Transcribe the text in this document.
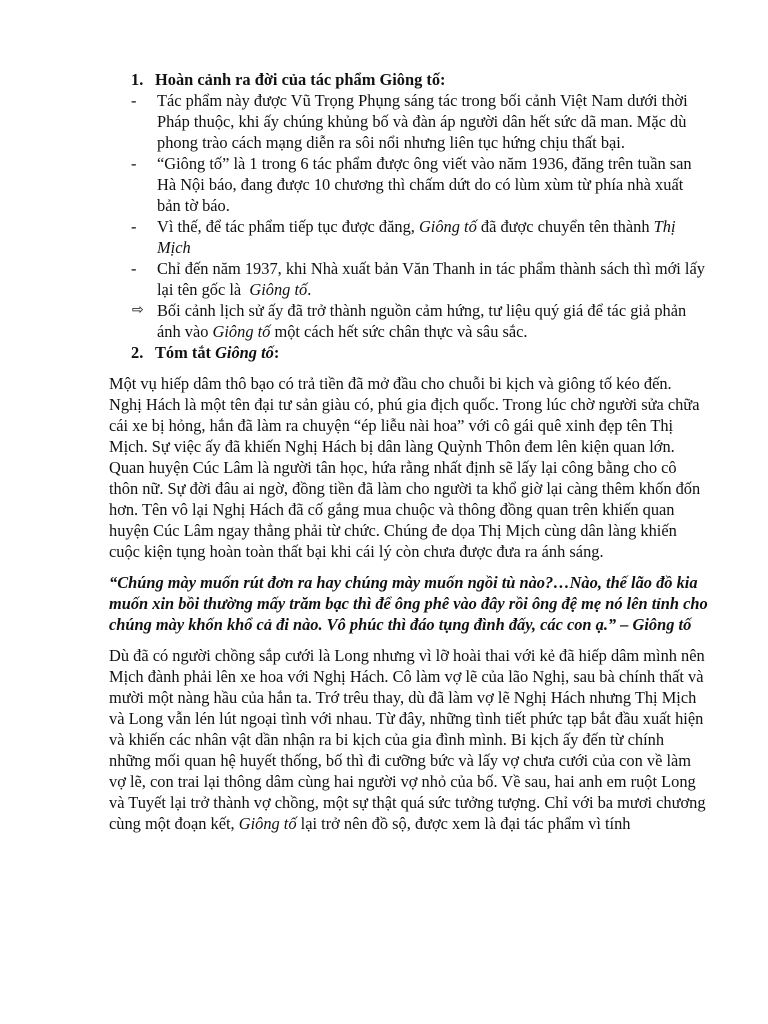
1. Hoàn cảnh ra đời của tác phẩm Giông tố:

-	Tác phẩm này được Vũ Trọng Phụng sáng tác trong bối cảnh Việt Nam dưới thời Pháp thuộc, khi ấy chúng khủng bố và đàn áp người dân hết sức dã man. Mặc dù phong trào cách mạng diễn ra sôi nổi nhưng liên tục hứng chịu thất bại.
-	“Giông tố” là 1 trong 6 tác phẩm được ông viết vào năm 1936, đăng trên tuần san Hà Nội báo, đang được 10 chương thì chấm dứt do có lùm xùm từ phía nhà xuất bản tờ báo.
-	Vì thế, để tác phẩm tiếp tục được đăng, Giông tố đã được chuyển tên thành Thị Mịch
-	Chỉ đến năm 1937, khi Nhà xuất bản Văn Thanh in tác phẩm thành sách thì mới lấy lại tên gốc là  Giông tố.
⇨ Bối cảnh lịch sử ấy đã trở thành nguồn cảm hứng, tư liệu quý giá để tác giả phản ánh vào Giông tố một cách hết sức chân thực và sâu sắc.

2. Tóm tắt Giông tố:

Một vụ hiếp dâm thô bạo có trả tiền đã mở đầu cho chuỗi bi kịch và giông tố kéo đến. Nghị Hách là một tên đại tư sản giàu có, phú gia địch quốc. Trong lúc chờ người sửa chữa cái xe bị hỏng, hắn đã làm ra chuyện “ép liễu nài hoa” với cô gái quê xinh đẹp tên Thị Mịch. Sự việc ấy đã khiến Nghị Hách bị dân làng Quỳnh Thôn đem lên kiện quan lớn. Quan huyện Cúc Lâm là người tân học, hứa rằng nhất định sẽ lấy lại công bằng cho cô thôn nữ. Sự đời đâu ai ngờ, đồng tiền đã làm cho người ta khổ giờ lại càng thêm khốn đốn hơn. Tên vô lại Nghị Hách đã cố gắng mua chuộc và thông đồng quan trên khiến quan huyện Cúc Lâm ngay thẳng phải từ chức. Chúng đe dọa Thị Mịch cùng dân làng khiến cuộc kiện tụng hoàn toàn thất bại khi cái lý còn chưa được đưa ra ánh sáng.

“Chúng mày muốn rút đơn ra hay chúng mày muốn ngồi tù nào?…Nào, thế lão đồ kia muốn xin bồi thường mấy trăm bạc thì để ông phê vào đây rồi ông đệ mẹ nó lên tỉnh cho chúng mày khốn khổ cả đi nào. Vô phúc thì đáo tụng đình đấy, các con ạ.” – Giông tố

Dù đã có người chồng sắp cưới là Long nhưng vì lỡ hoài thai với kẻ đã hiếp dâm mình nên Mịch đành phải lên xe hoa với Nghị Hách. Cô làm vợ lẽ của lão Nghị, sau bà chính thất và mười một nàng hầu của hắn ta. Trớ trêu thay, dù đã làm vợ lẽ Nghị Hách nhưng Thị Mịch và Long vẫn lén lút ngoại tình với nhau. Từ đây, những tình tiết phức tạp bắt đầu xuất hiện và khiến các nhân vật dần nhận ra bi kịch của gia đình mình. Bi kịch ấy đến từ chính những mối quan hệ huyết thống, bố thì đi cưỡng bức và lấy vợ chưa cưới của con về làm vợ lẽ, con trai lại thông dâm cùng hai người vợ nhỏ của bố. Về sau, hai anh em ruột Long và Tuyết lại trở thành vợ chồng, một sự thật quá sức tưởng tượng. Chỉ với ba mươi chương cùng một đoạn kết, Giông tố lại trở nên đồ sộ, được xem là đại tác phẩm vì tính
